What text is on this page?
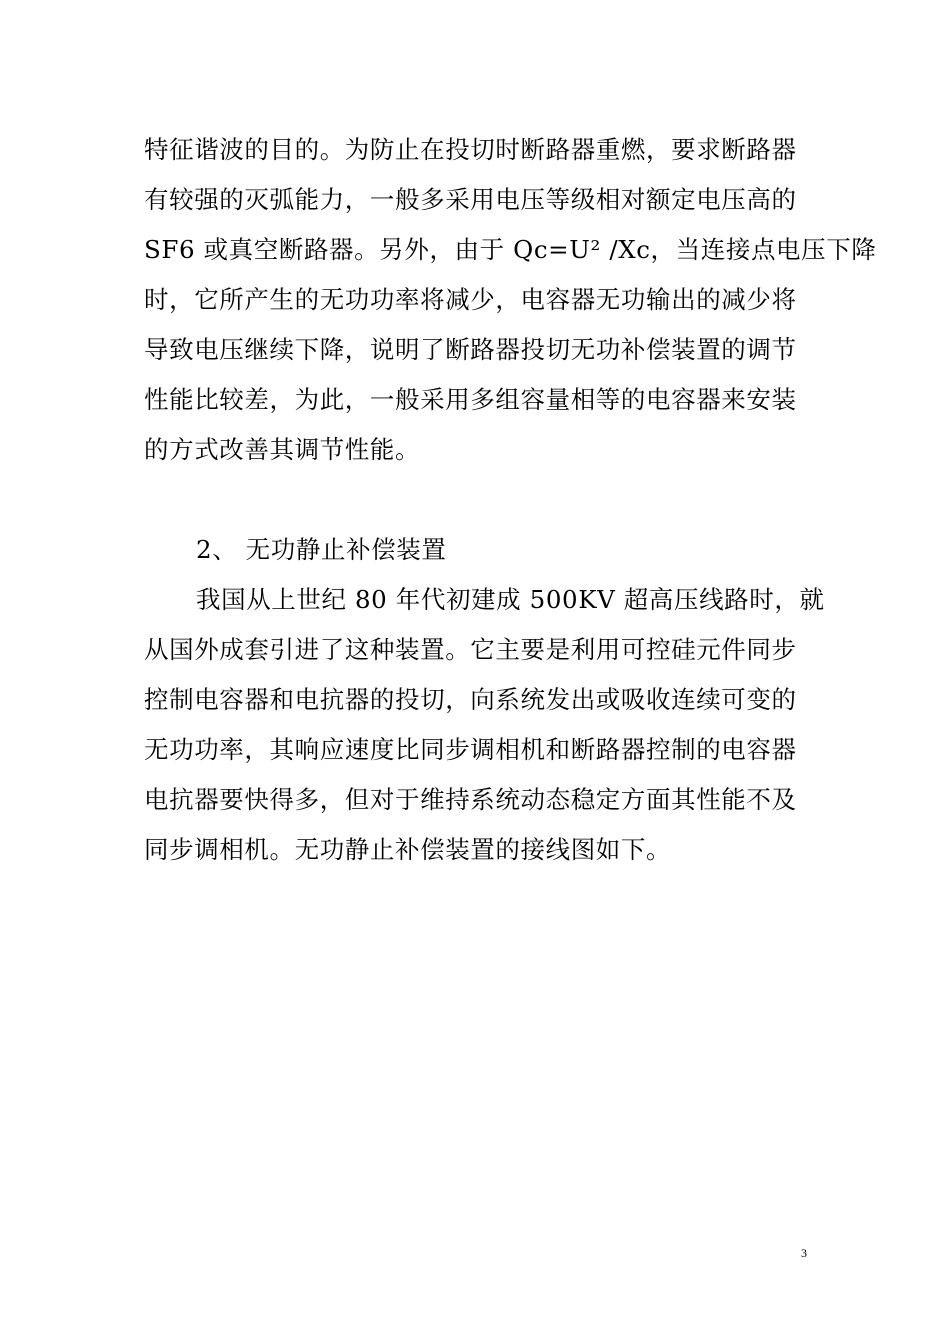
特征谐波的目的。为防止在投切时断路器重燃，要求断路器
有较强的灭弧能力，一般多采用电压等级相对额定电压高的
SF6 或真空断路器。另外，由于 Qc=U² /Xc，当连接点电压下降
时，它所产生的无功功率将减少，电容器无功输出的减少将
导致电压继续下降，说明了断路器投切无功补偿装置的调节
性能比较差，为此，一般采用多组容量相等的电容器来安装
的方式改善其调节性能。
2、 无功静止补偿装置
我国从上世纪 80 年代初建成 500KV 超高压线路时，就
从国外成套引进了这种装置。它主要是利用可控硅元件同步
控制电容器和电抗器的投切，向系统发出或吸收连续可变的
无功功率，其响应速度比同步调相机和断路器控制的电容器
电抗器要快得多，但对于维持系统动态稳定方面其性能不及
同步调相机。无功静止补偿装置的接线图如下。
3
